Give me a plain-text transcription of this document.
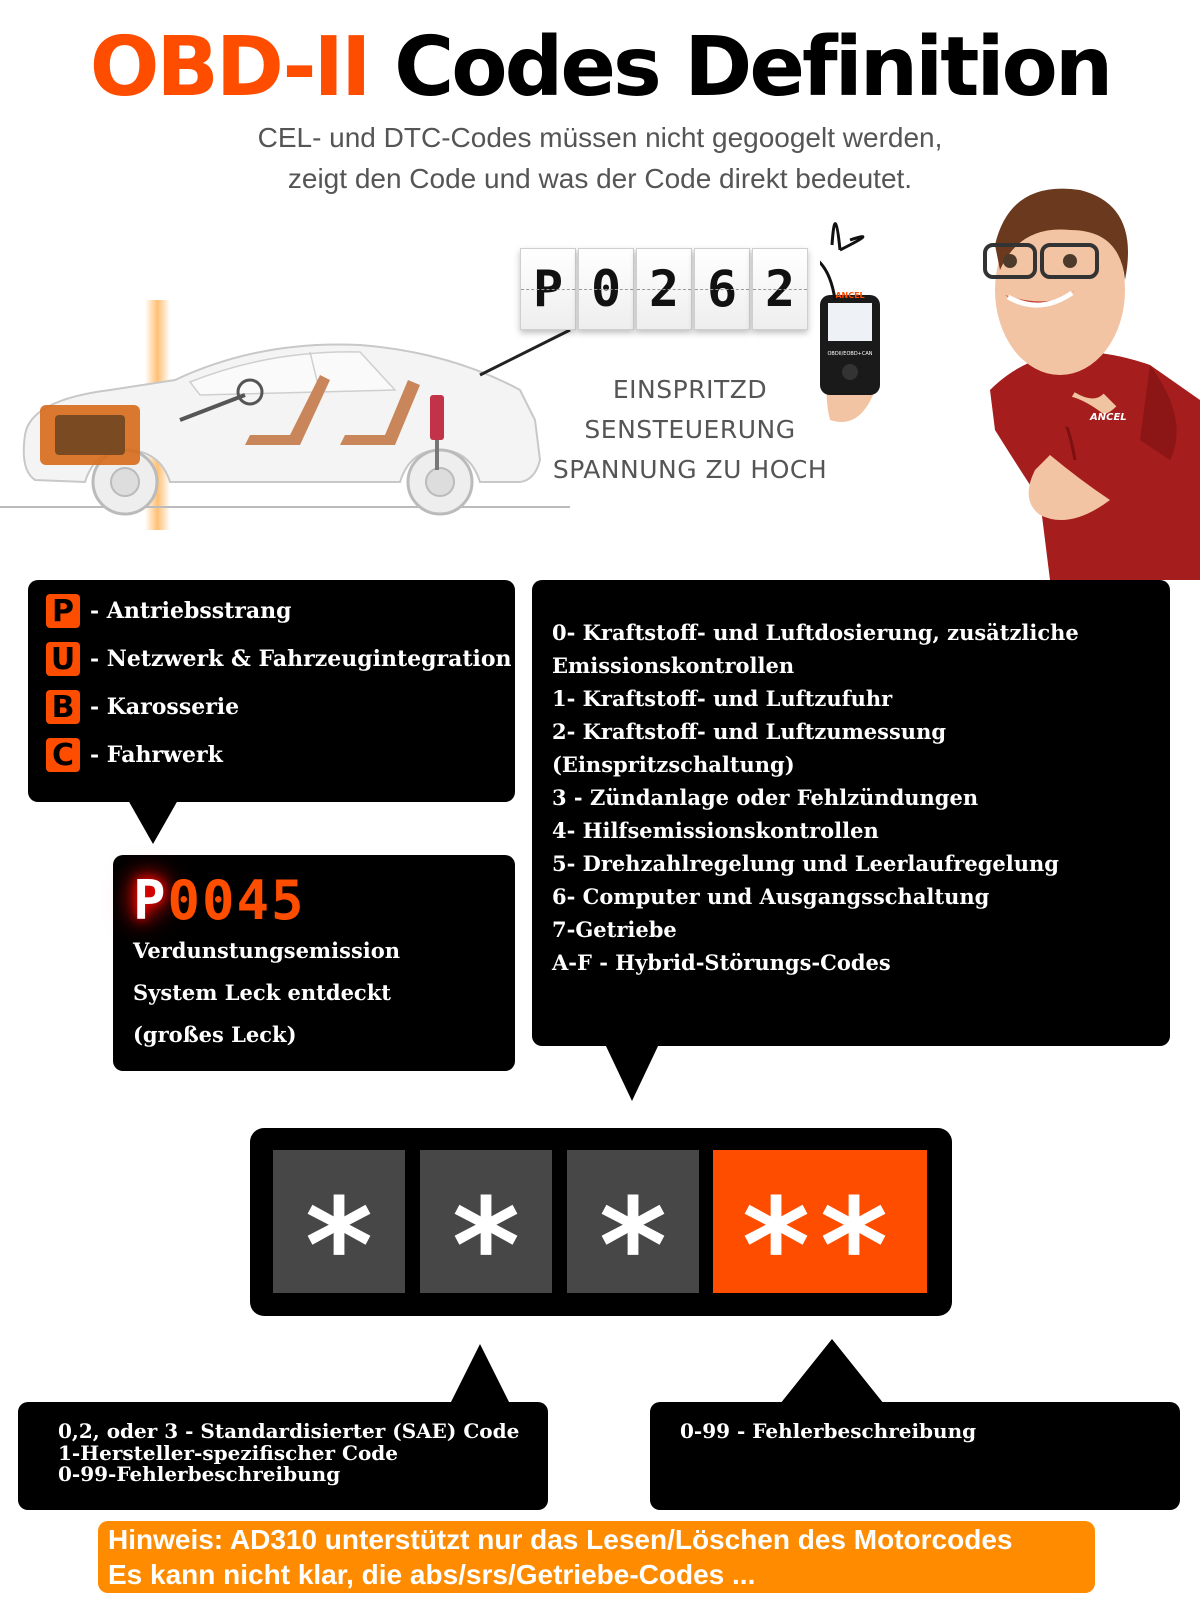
OBD-II Codes Definition
CEL- und DTC-Codes müssen nicht gegoogelt werden,
zeigt den Code und was der Code direkt bedeutet.
P 0 2 6 2
EINSPRITZD
SENSTEUERUNG
SPANNUNG ZU HOCH
ANCEL
OBDII/EOBD+CAN
ANCEL
P - Antriebsstrang
U - Netzwerk & Fahrzeugintegration
B - Karosserie
C - Fahrwerk
P0045
Verdunstungsemission
System Leck entdeckt
(großes Leck)
0- Kraftstoff- und Luftdosierung, zusätzliche
Emissionskontrollen
1- Kraftstoff- und Luftzufuhr
2- Kraftstoff- und Luftzumessung
(Einspritzschaltung)
3 - Zündanlage oder Fehlzündungen
4- Hilfsemissionskontrollen
5- Drehzahlregelung und Leerlaufregelung
6- Computer und Ausgangsschaltung
7-Getriebe
A-F - Hybrid-Störungs-Codes
* * * **
0,2, oder 3 - Standardisierter (SAE) Code
1-Hersteller-spezifischer Code
0-99-Fehlerbeschreibung
0-99 - Fehlerbeschreibung
Hinweis: AD310 unterstützt nur das Lesen/Löschen des Motorcodes
Es kann nicht klar, die abs/srs/Getriebe-Codes ...
